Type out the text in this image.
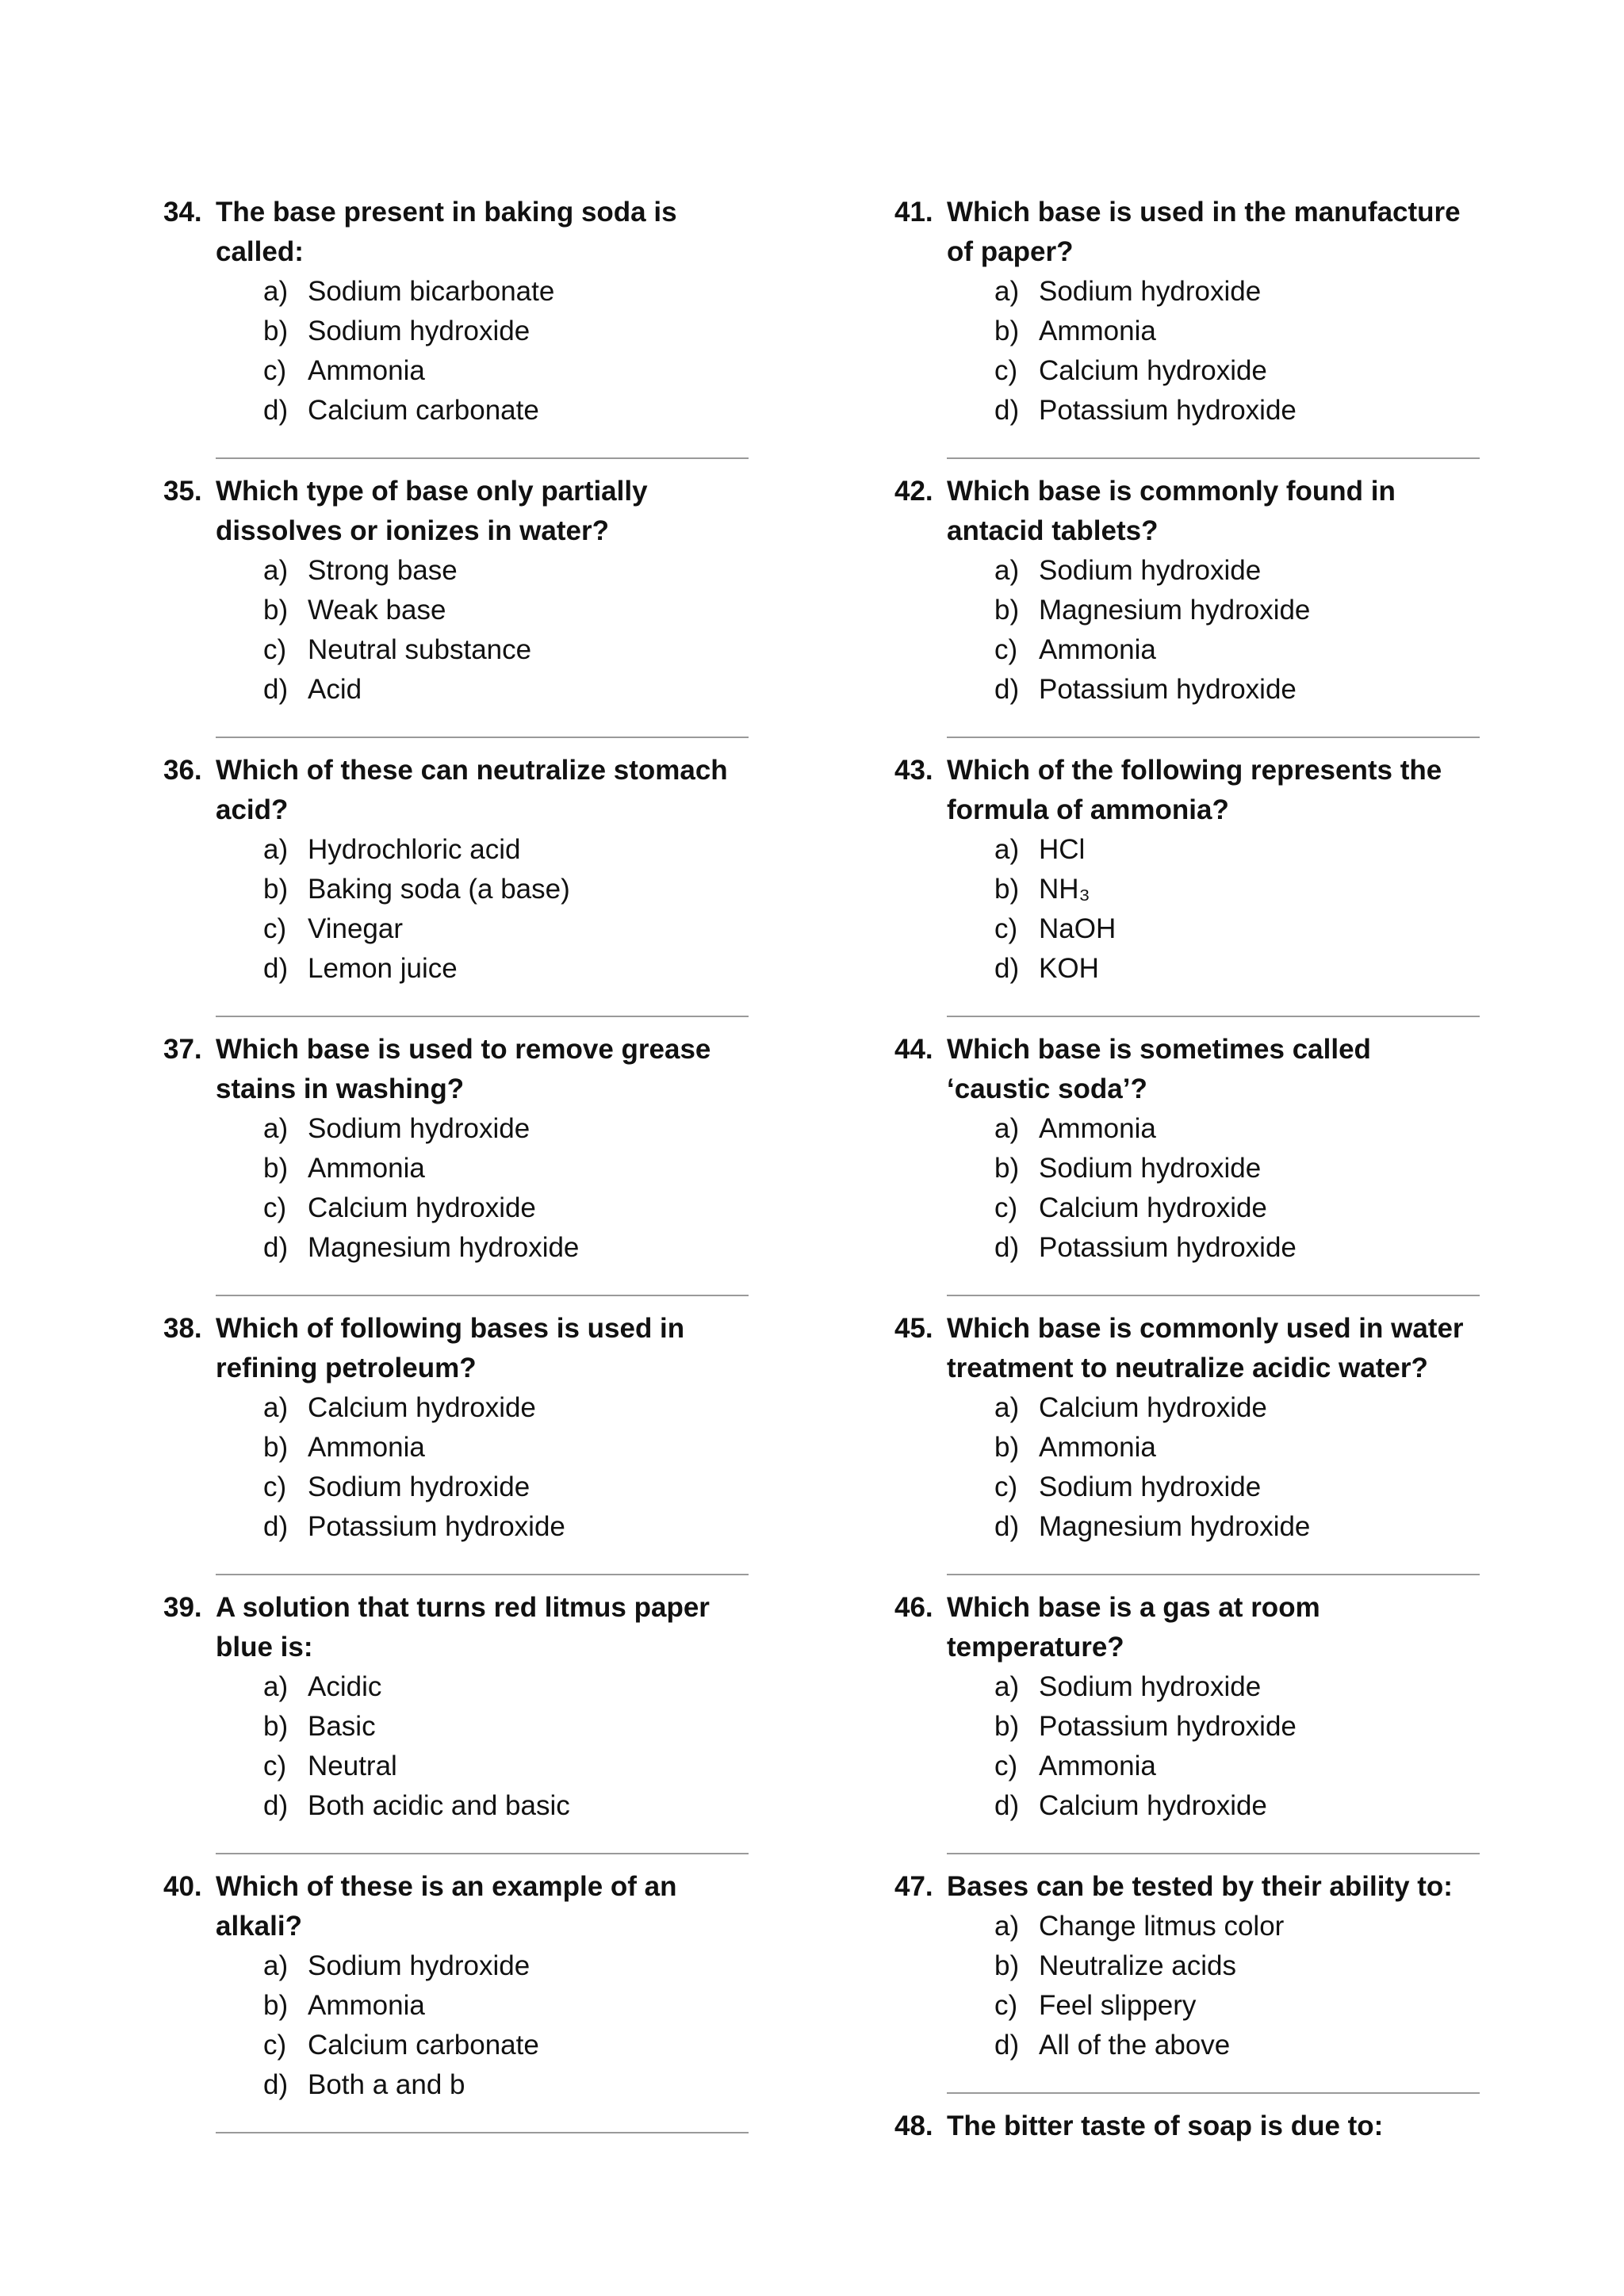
34. The base present in baking soda is called:
a) Sodium bicarbonate
b) Sodium hydroxide
c) Ammonia
d) Calcium carbonate
35. Which type of base only partially dissolves or ionizes in water?
a) Strong base
b) Weak base
c) Neutral substance
d) Acid
36. Which of these can neutralize stomach acid?
a) Hydrochloric acid
b) Baking soda (a base)
c) Vinegar
d) Lemon juice
37. Which base is used to remove grease stains in washing?
a) Sodium hydroxide
b) Ammonia
c) Calcium hydroxide
d) Magnesium hydroxide
38. Which of following bases is used in refining petroleum?
a) Calcium hydroxide
b) Ammonia
c) Sodium hydroxide
d) Potassium hydroxide
39. A solution that turns red litmus paper blue is:
a) Acidic
b) Basic
c) Neutral
d) Both acidic and basic
40. Which of these is an example of an alkali?
a) Sodium hydroxide
b) Ammonia
c) Calcium carbonate
d) Both a and b
41. Which base is used in the manufacture of paper?
a) Sodium hydroxide
b) Ammonia
c) Calcium hydroxide
d) Potassium hydroxide
42. Which base is commonly found in antacid tablets?
a) Sodium hydroxide
b) Magnesium hydroxide
c) Ammonia
d) Potassium hydroxide
43. Which of the following represents the formula of ammonia?
a) HCl
b) NH₃
c) NaOH
d) KOH
44. Which base is sometimes called ‘caustic soda’?
a) Ammonia
b) Sodium hydroxide
c) Calcium hydroxide
d) Potassium hydroxide
45. Which base is commonly used in water treatment to neutralize acidic water?
a) Calcium hydroxide
b) Ammonia
c) Sodium hydroxide
d) Magnesium hydroxide
46. Which base is a gas at room temperature?
a) Sodium hydroxide
b) Potassium hydroxide
c) Ammonia
d) Calcium hydroxide
47. Bases can be tested by their ability to:
a) Change litmus color
b) Neutralize acids
c) Feel slippery
d) All of the above
48. The bitter taste of soap is due to:
